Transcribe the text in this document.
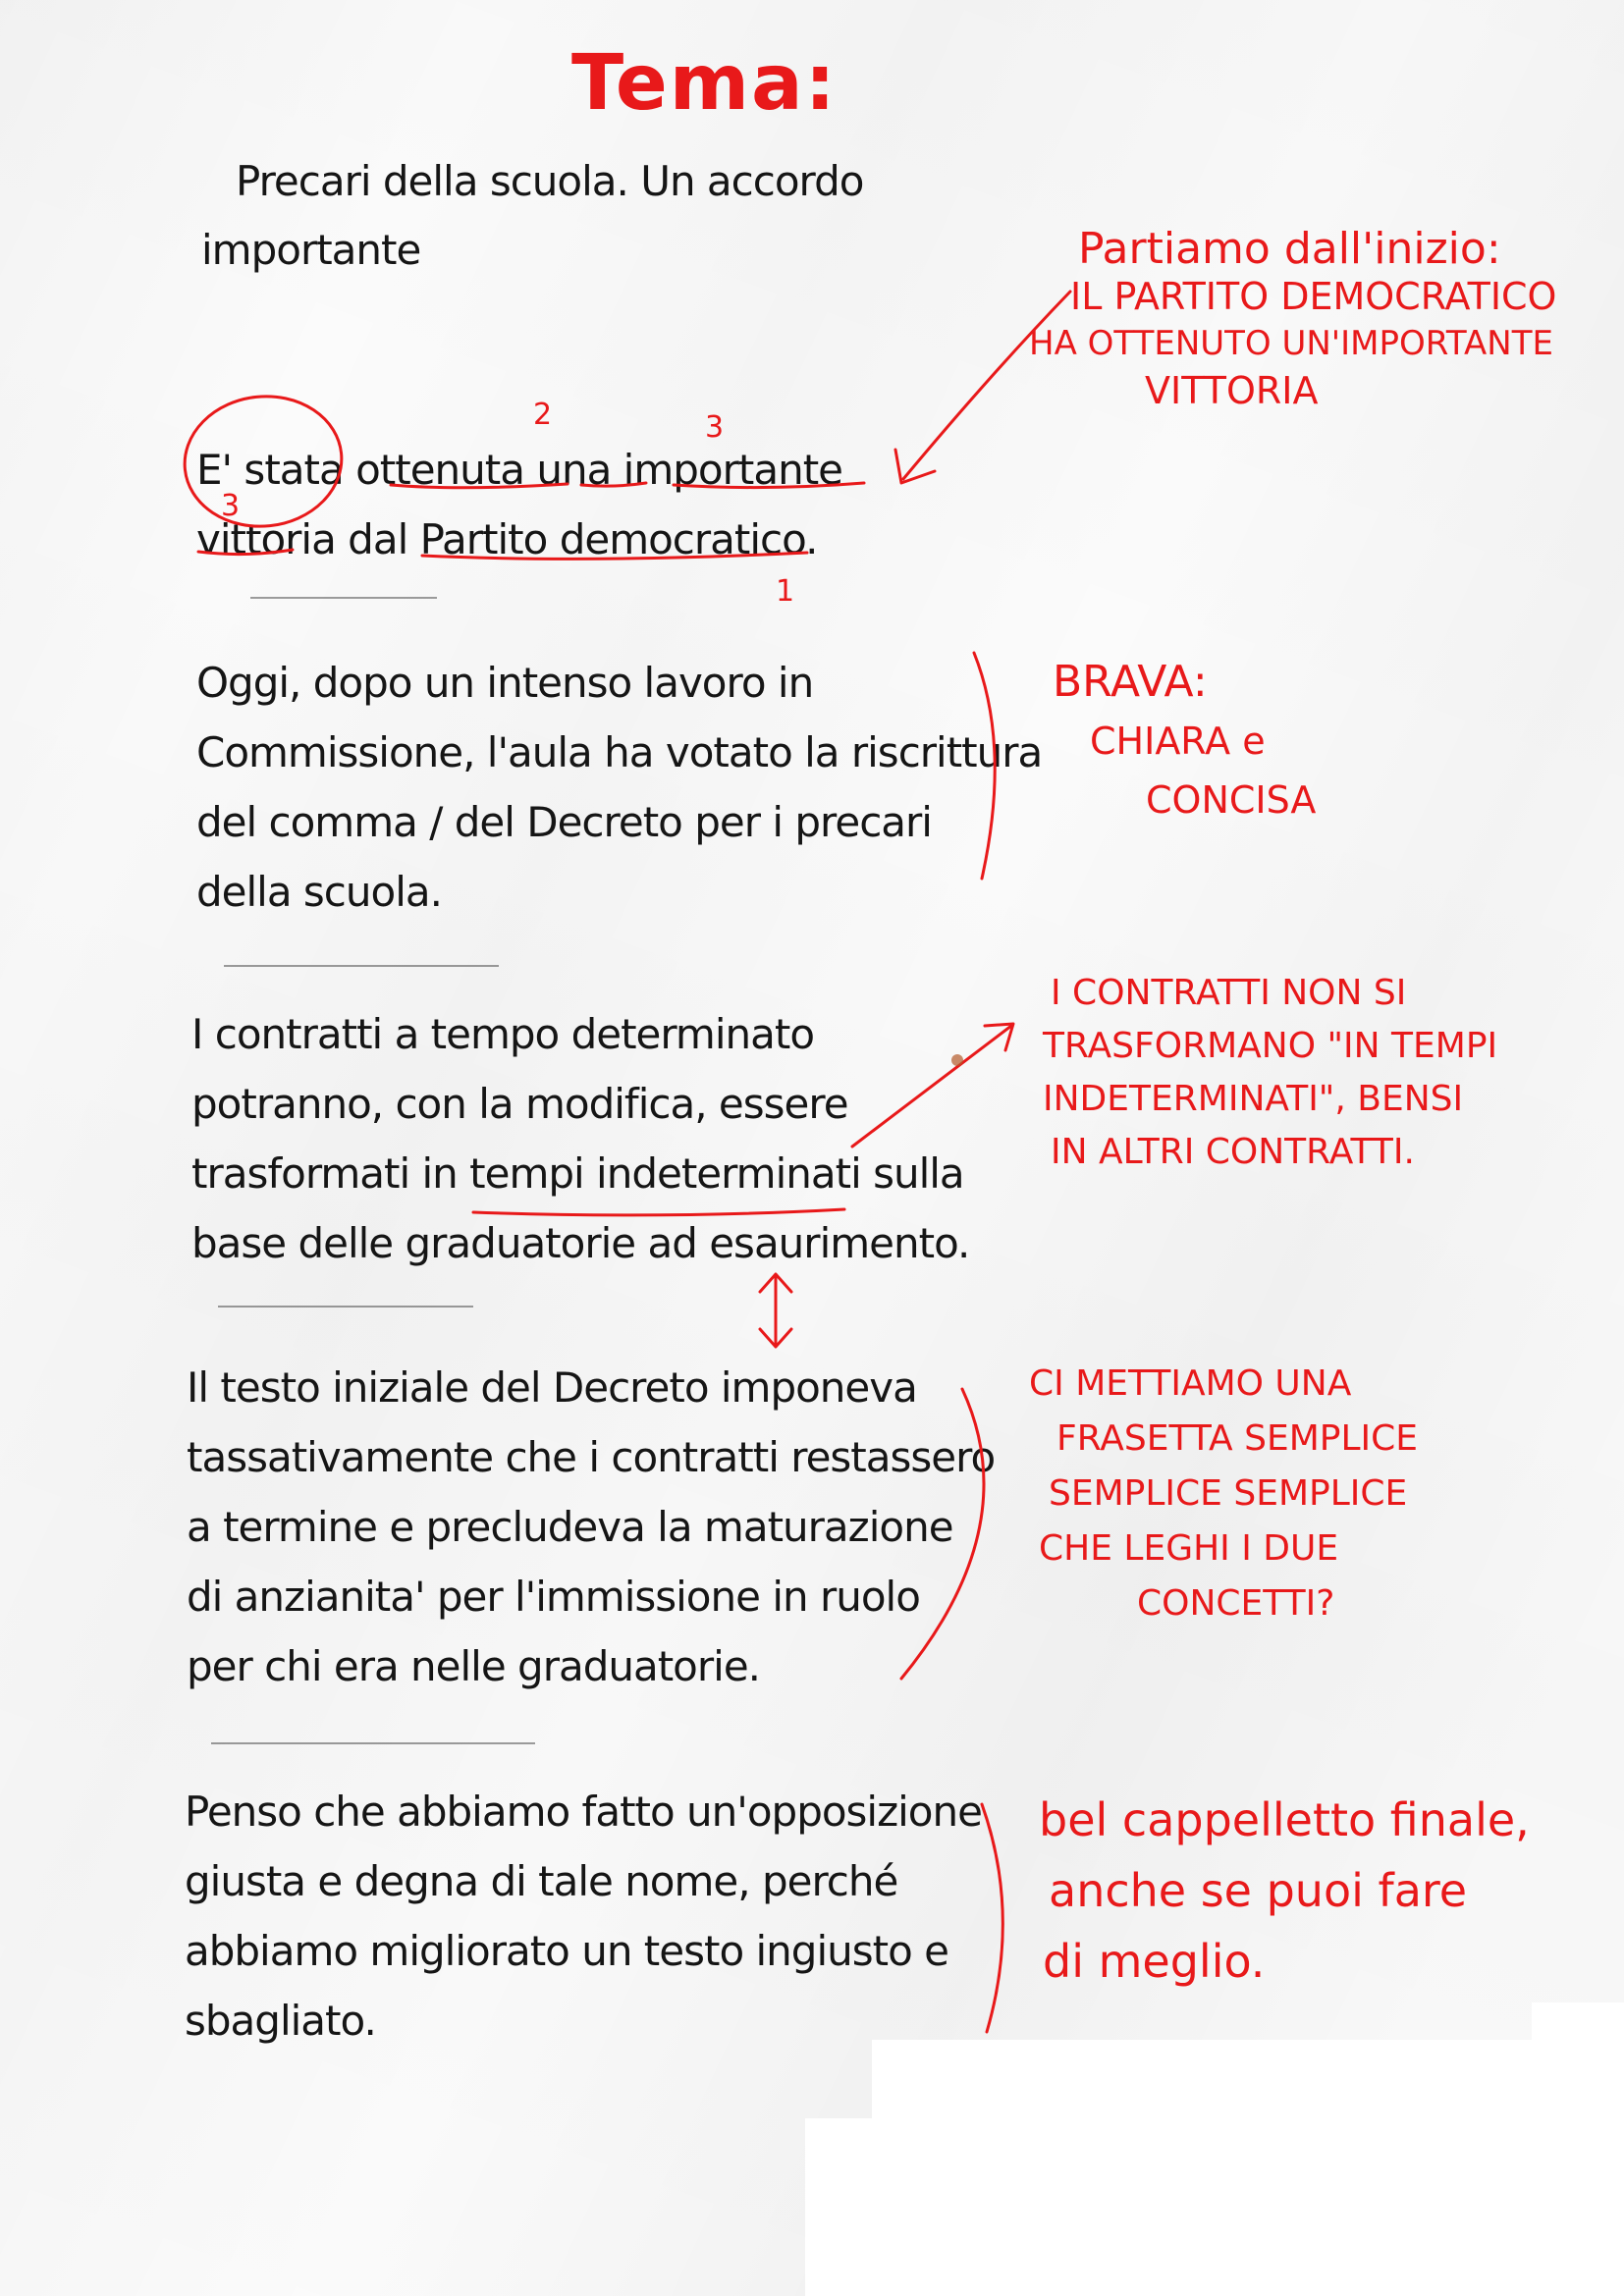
Tema:
Precari della scuola. Un accordo
importante
E' stata ottenuta una importante
vittoria dal Partito democratico.
Oggi, dopo un intenso lavoro in
Commissione, l'aula ha votato la riscrittura
del comma / del Decreto per i precari
della scuola.
I contratti a tempo determinato
potranno, con la modifica, essere
trasformati in tempi indeterminati sulla
base delle graduatorie ad esaurimento.
Il testo iniziale del Decreto imponeva
tassativamente che i contratti restassero
a termine e precludeva la maturazione
di anzianita' per l'immissione in ruolo
per chi era nelle graduatorie.
Penso che abbiamo fatto un'opposizione
giusta e degna di tale nome, perché
abbiamo migliorato un testo ingiusto e
sbagliato.
2	3
3
1
Partiamo dall'inizio:
IL PARTITO DEMOCRATICO
HA OTTENUTO UN'IMPORTANTE
VITTORIA
BRAVA:
CHIARA e
CONCISA
I CONTRATTI NON SI
TRASFORMANO "IN TEMPI
INDETERMINATI", BENSI
IN ALTRI CONTRATTI.
CI METTIAMO UNA
FRASETTA SEMPLICE
SEMPLICE SEMPLICE
CHE LEGHI I DUE
CONCETTI?
bel cappelletto finale,
anche se puoi fare
di meglio.
